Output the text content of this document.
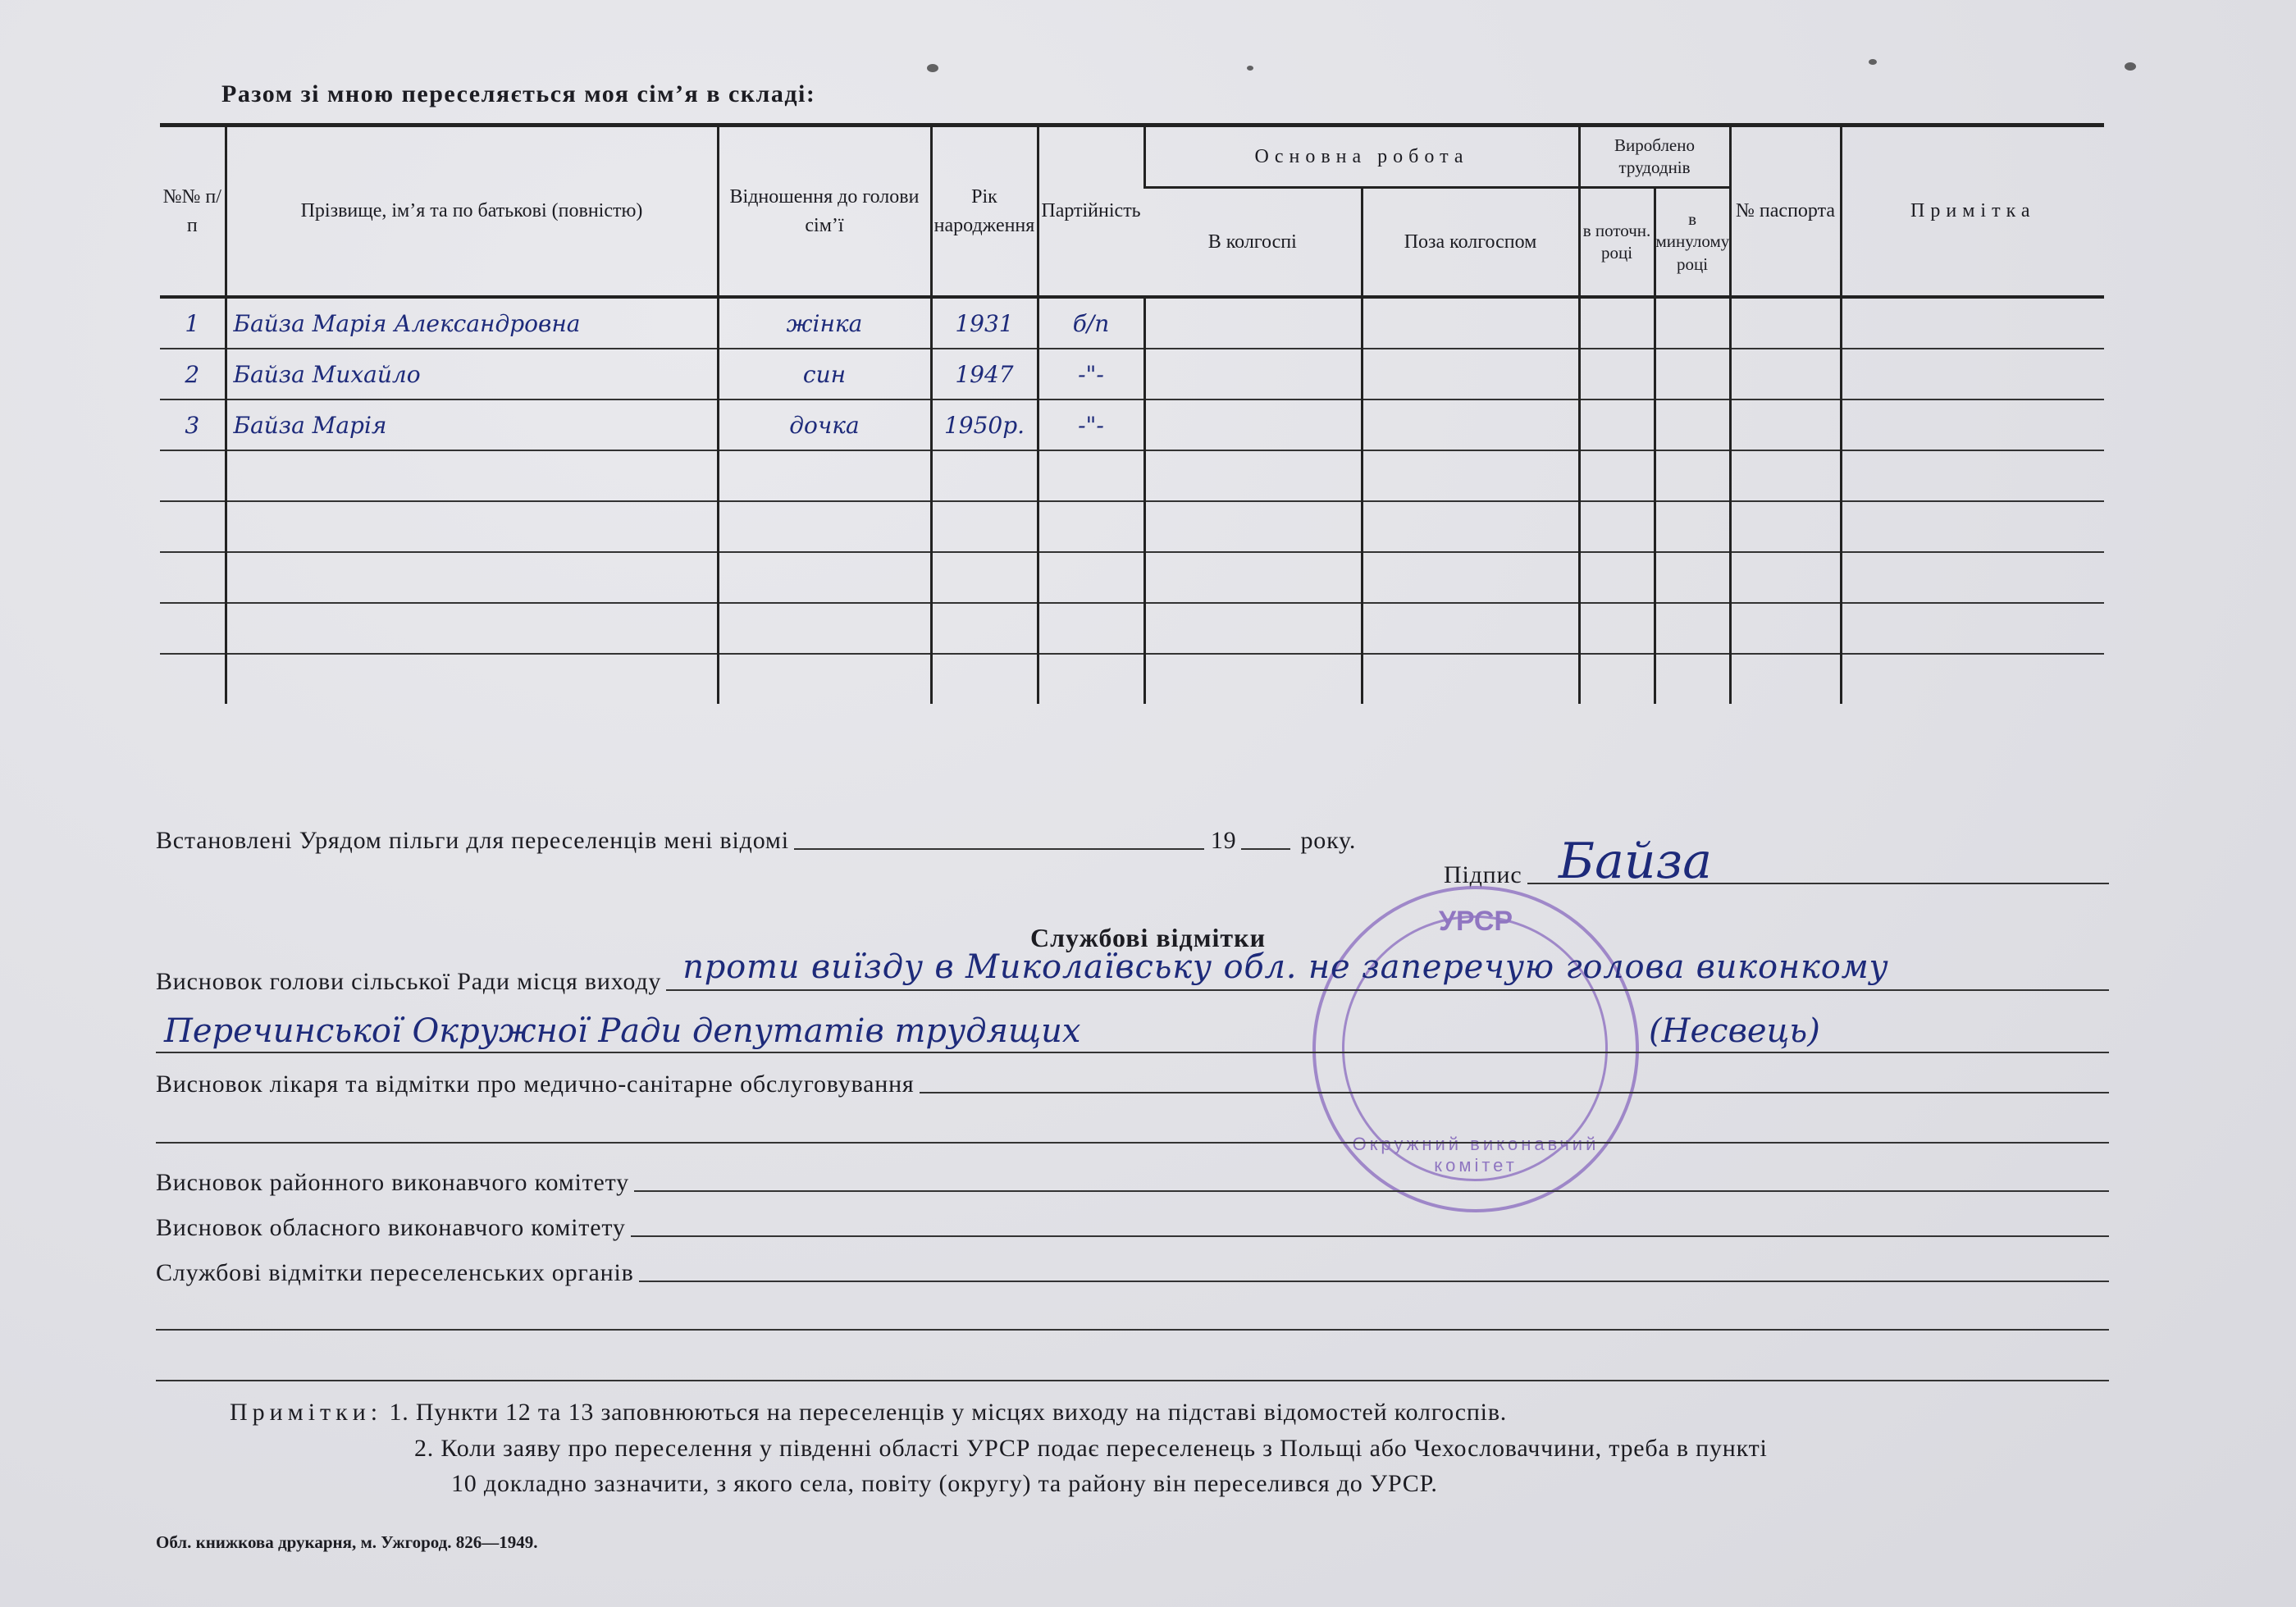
Разом зі мною переселяється моя сім’я в складі:
№№ п/п	Прізвище, ім’я та по батькові (повністю)	Відношення до голови сім’ї	Рік народження	Партійність	Основна робота		Вироблено трудоднів		№ паспорта	Примітка
					В колгоспі	Поза колгоспом	в поточн. році	в минулому році		
1	Байза Марія Александровна	жінка	1931	б/п						
2	Байза Михайло	син	1947	-"-						
3	Байза Марія	дочка	1950р.	-"-						

Встановлені Урядом пільги для переселенців мені відомі	19	року.
Підпис Байза
Службові відмітки
УРСР
Окружний виконавчий комітет
Висновок голови сільської Ради місця виходу проти виїзду в Миколаївську обл. не заперечую голова виконкому
Перечинської Окружної Ради депутатів трудящих	(Несвець)
Висновок лікаря та відмітки про медично-санітарне обслуговування
Висновок районного виконавчого комітету
Висновок обласного виконавчого комітету
Службові відмітки переселенських органів
Примітки: 1. Пункти 12 та 13 заповнюються на переселенців у місцях виходу на підставі відомостей колгоспів.
2. Коли заяву про переселення у південні області УРСР подає переселенець з Польщі або Чехословаччини, треба в пункті
10 докладно зазначити, з якого села, повіту (округу) та району він переселився до УРСР.
Обл. книжкова друкарня, м. Ужгород. 826—1949.
